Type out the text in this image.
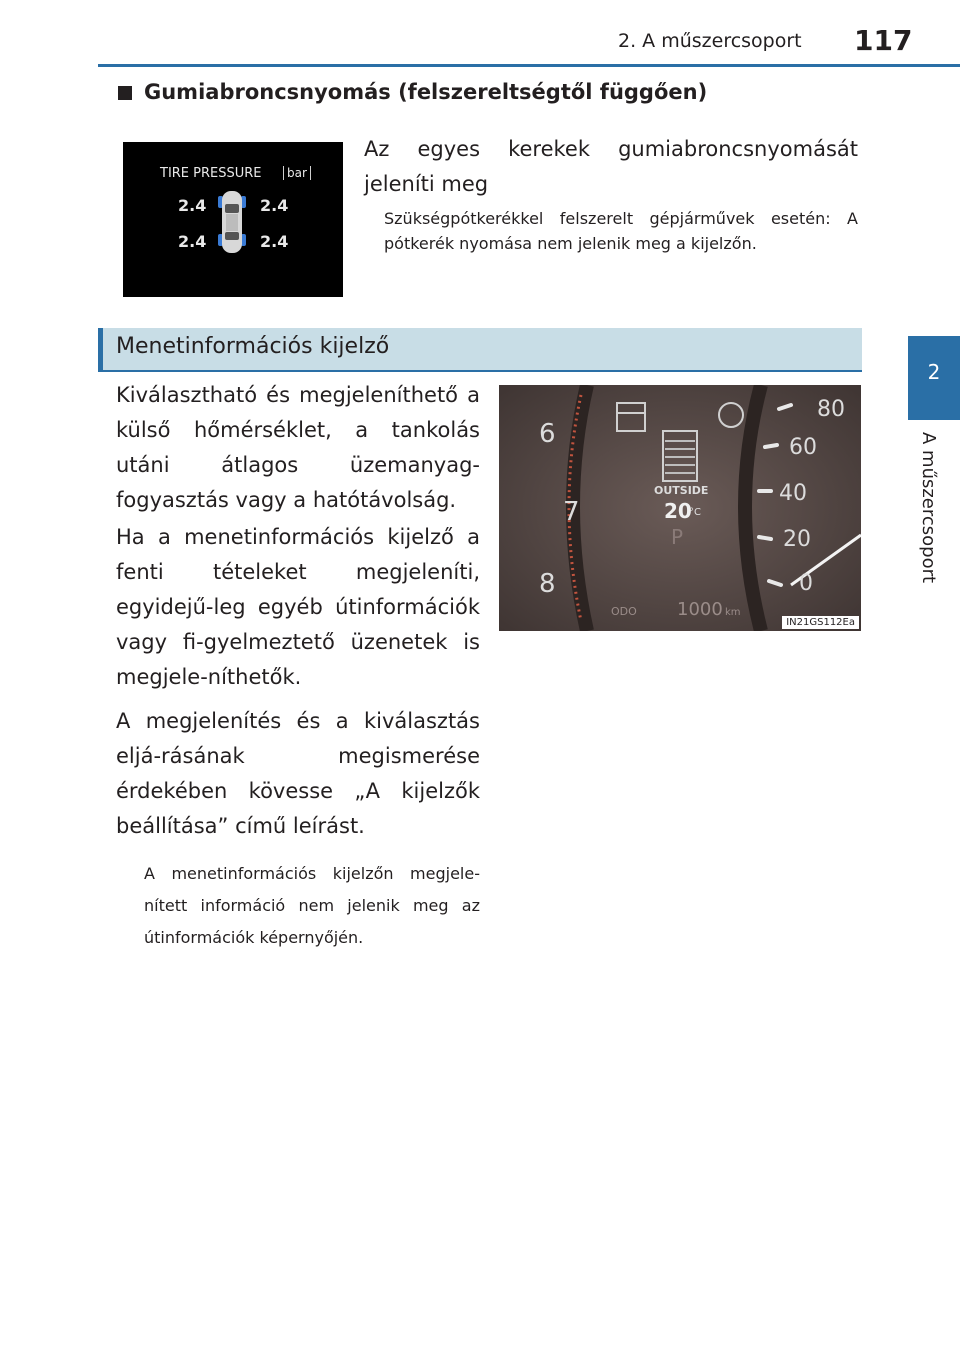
2. A műszercsoport 117
2
A műszercsoport
Gumiabroncsnyomás (felszereltségtől függően)
TIRE PRESSURE	bar
2.4	2.4
2.4	2.4
Az egyes kerekek gumiabroncsnyomását jeleníti meg
Szükségpótkerékkel felszerelt gépjárművek esetén: A pótkerék nyomása nem jelenik meg a kijelzőn.
Menetinformációs kijelző
Kiválasztható és megjeleníthető a külső hőmérséklet, a tankolás utáni átlagos üzemanyag-fogyasztás vagy a hatótávolság.
Ha a menetinformációs kijelző a fenti tételeket megjeleníti, egyidejű-leg egyéb útinformációk vagy fi-gyelmeztető üzenetek is megjele-níthetők.
A megjelenítés és a kiválasztás eljá-rásának megismerése érdekében kövesse „A kijelzők beállítása” című leírást.
A menetinformációs kijelzőn megjele-nített információ nem jelenik meg az útinformációk képernyőjén.
6
7
8
80
60
40
20
0
OUTSIDE
20
°C
P
ODO 1000 km
IN21GS112Ea
